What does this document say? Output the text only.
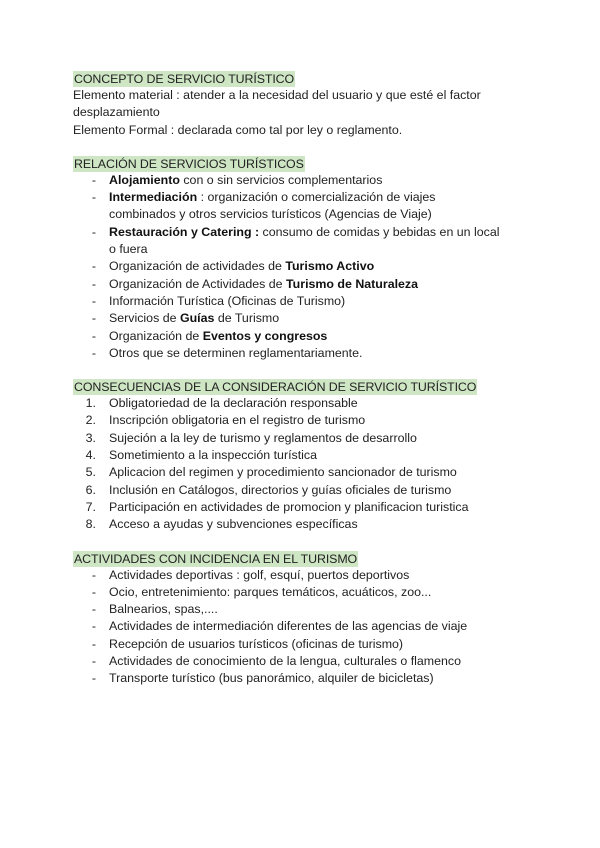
CONCEPTO DE SERVICIO TURÍSTICO

Elemento material : atender a la necesidad del usuario y que esté el factor

desplazamiento

Elemento Formal : declarada como tal por ley o reglamento.

RELACIÓN DE SERVICIOS TURÍSTICOS
-	Alojamiento con o sin servicios complementarios
-	Intermediación : organización o comercialización de viajes
combinados y otros servicios turísticos (Agencias de Viaje)
-	Restauración y Catering : consumo de comidas y bebidas en un local
o fuera
-	Organización de actividades de Turismo Activo
-	Organización de Actividades de Turismo de Naturaleza
-	Información Turística (Oficinas de Turismo)
-	Servicios de Guías de Turismo
-	Organización de Eventos y congresos
-	Otros que se determinen reglamentariamente.
CONSECUENCIAS DE LA CONSIDERACIÓN DE SERVICIO TURÍSTICO
1. Obligatoriedad de la declaración responsable
2. Inscripción obligatoria en el registro de turismo
3. Sujeción a la ley de turismo y reglamentos de desarrollo
4. Sometimiento a la inspección turística
5. Aplicacion del regimen y procedimiento sancionador de turismo
6. Inclusión en Catálogos, directorios y guías oficiales de turismo
7. Participación en actividades de promocion y planificacion turistica
8. Acceso a ayudas y subvenciones específicas
ACTIVIDADES CON INCIDENCIA EN EL TURISMO
-	Actividades deportivas : golf, esquí, puertos deportivos
-	Ocio, entretenimiento: parques temáticos, acuáticos, zoo...
-	Balnearios, spas,....
-	Actividades de intermediación diferentes de las agencias de viaje
-	Recepción de usuarios turísticos (oficinas de turismo)
-	Actividades de conocimiento de la lengua, culturales o flamenco
-	Transporte turístico (bus panorámico, alquiler de bicicletas)
